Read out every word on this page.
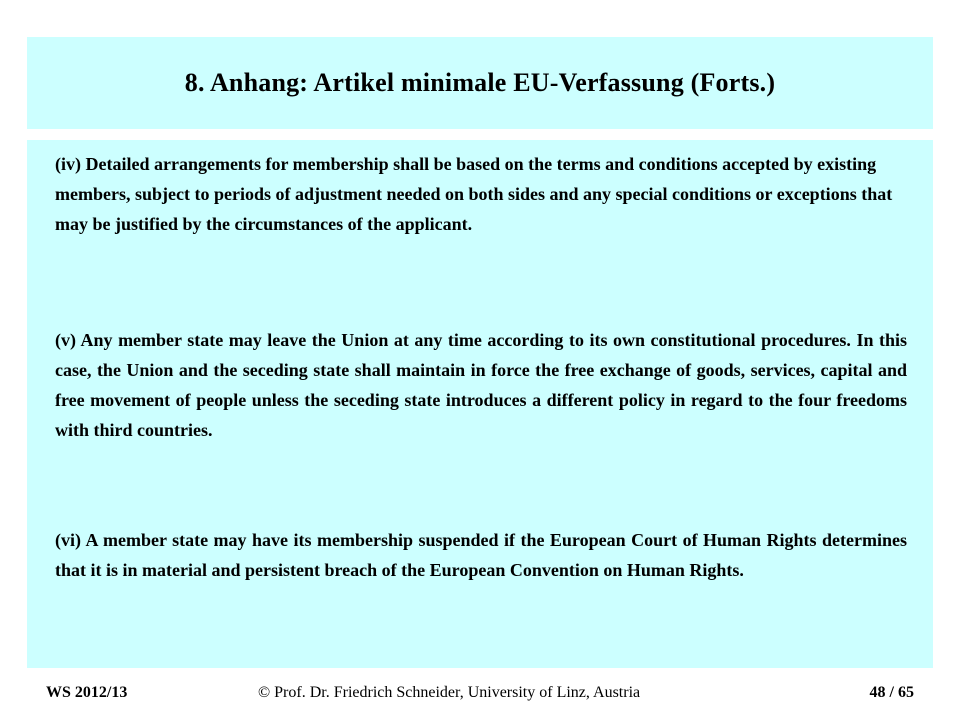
8. Anhang: Artikel minimale EU-Verfassung (Forts.)

(iv) Detailed arrangements for membership shall be based on the terms and conditions accepted by existing members, subject to periods of adjustment needed on both sides and any special conditions or exceptions that may be justified by the circumstances of the applicant.

(v) Any member state may leave the Union at any time according to its own constitutional procedures. In this case, the Union and the seceding state shall maintain in force the free exchange of goods, services, capital and free movement of people unless the seceding state introduces a different policy in regard to the four freedoms with third countries.

(vi) A member state may have its membership suspended if the European Court of Human Rights determines that it is in material and persistent breach of the European Convention on Human Rights.

WS 2012/13	© Prof. Dr. Friedrich Schneider, University of Linz, Austria	48 / 65
